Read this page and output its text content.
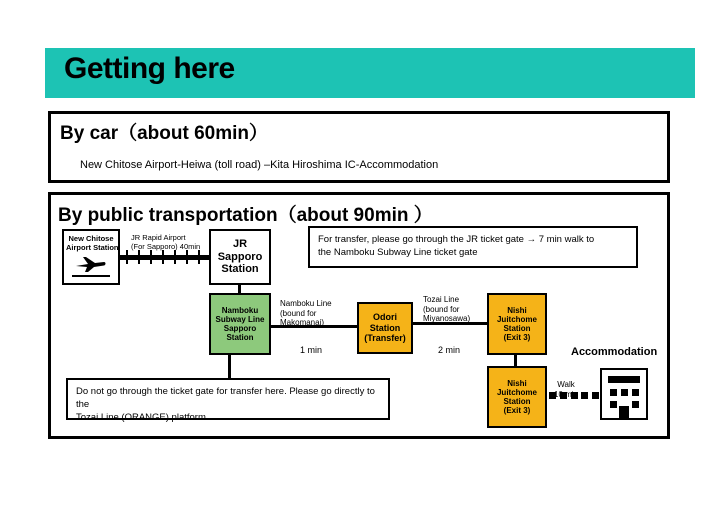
Getting here
By car（about 60min）
New Chitose Airport-Heiwa (toll road) –Kita Hiroshima IC-Accommodation
By public transportation（about 90min ）
New Chitose
Airport Station
JR Rapid Airport
(For Sapporo) 40min	JR
Sapporo
Station
For transfer, please go through the JR ticket gate → 7 min walk to
the Namboku Subway Line ticket gate
Namboku
Subway Line
Sapporo
Station
Namboku Line
(bound for
Makomanai)
1 min
Odori
Station
(Transfer)
Tozai Line
(bound for
Miyanosawa)
2 min
Nishi
Juitchome
Station
(Exit 3)
Nishi
Juitchome
Station
(Exit 3)
Walk
10
Accommodation
Do not go through the ticket gate for transfer here. Please go directly to the
Tozai Line (ORANGE) platform.
